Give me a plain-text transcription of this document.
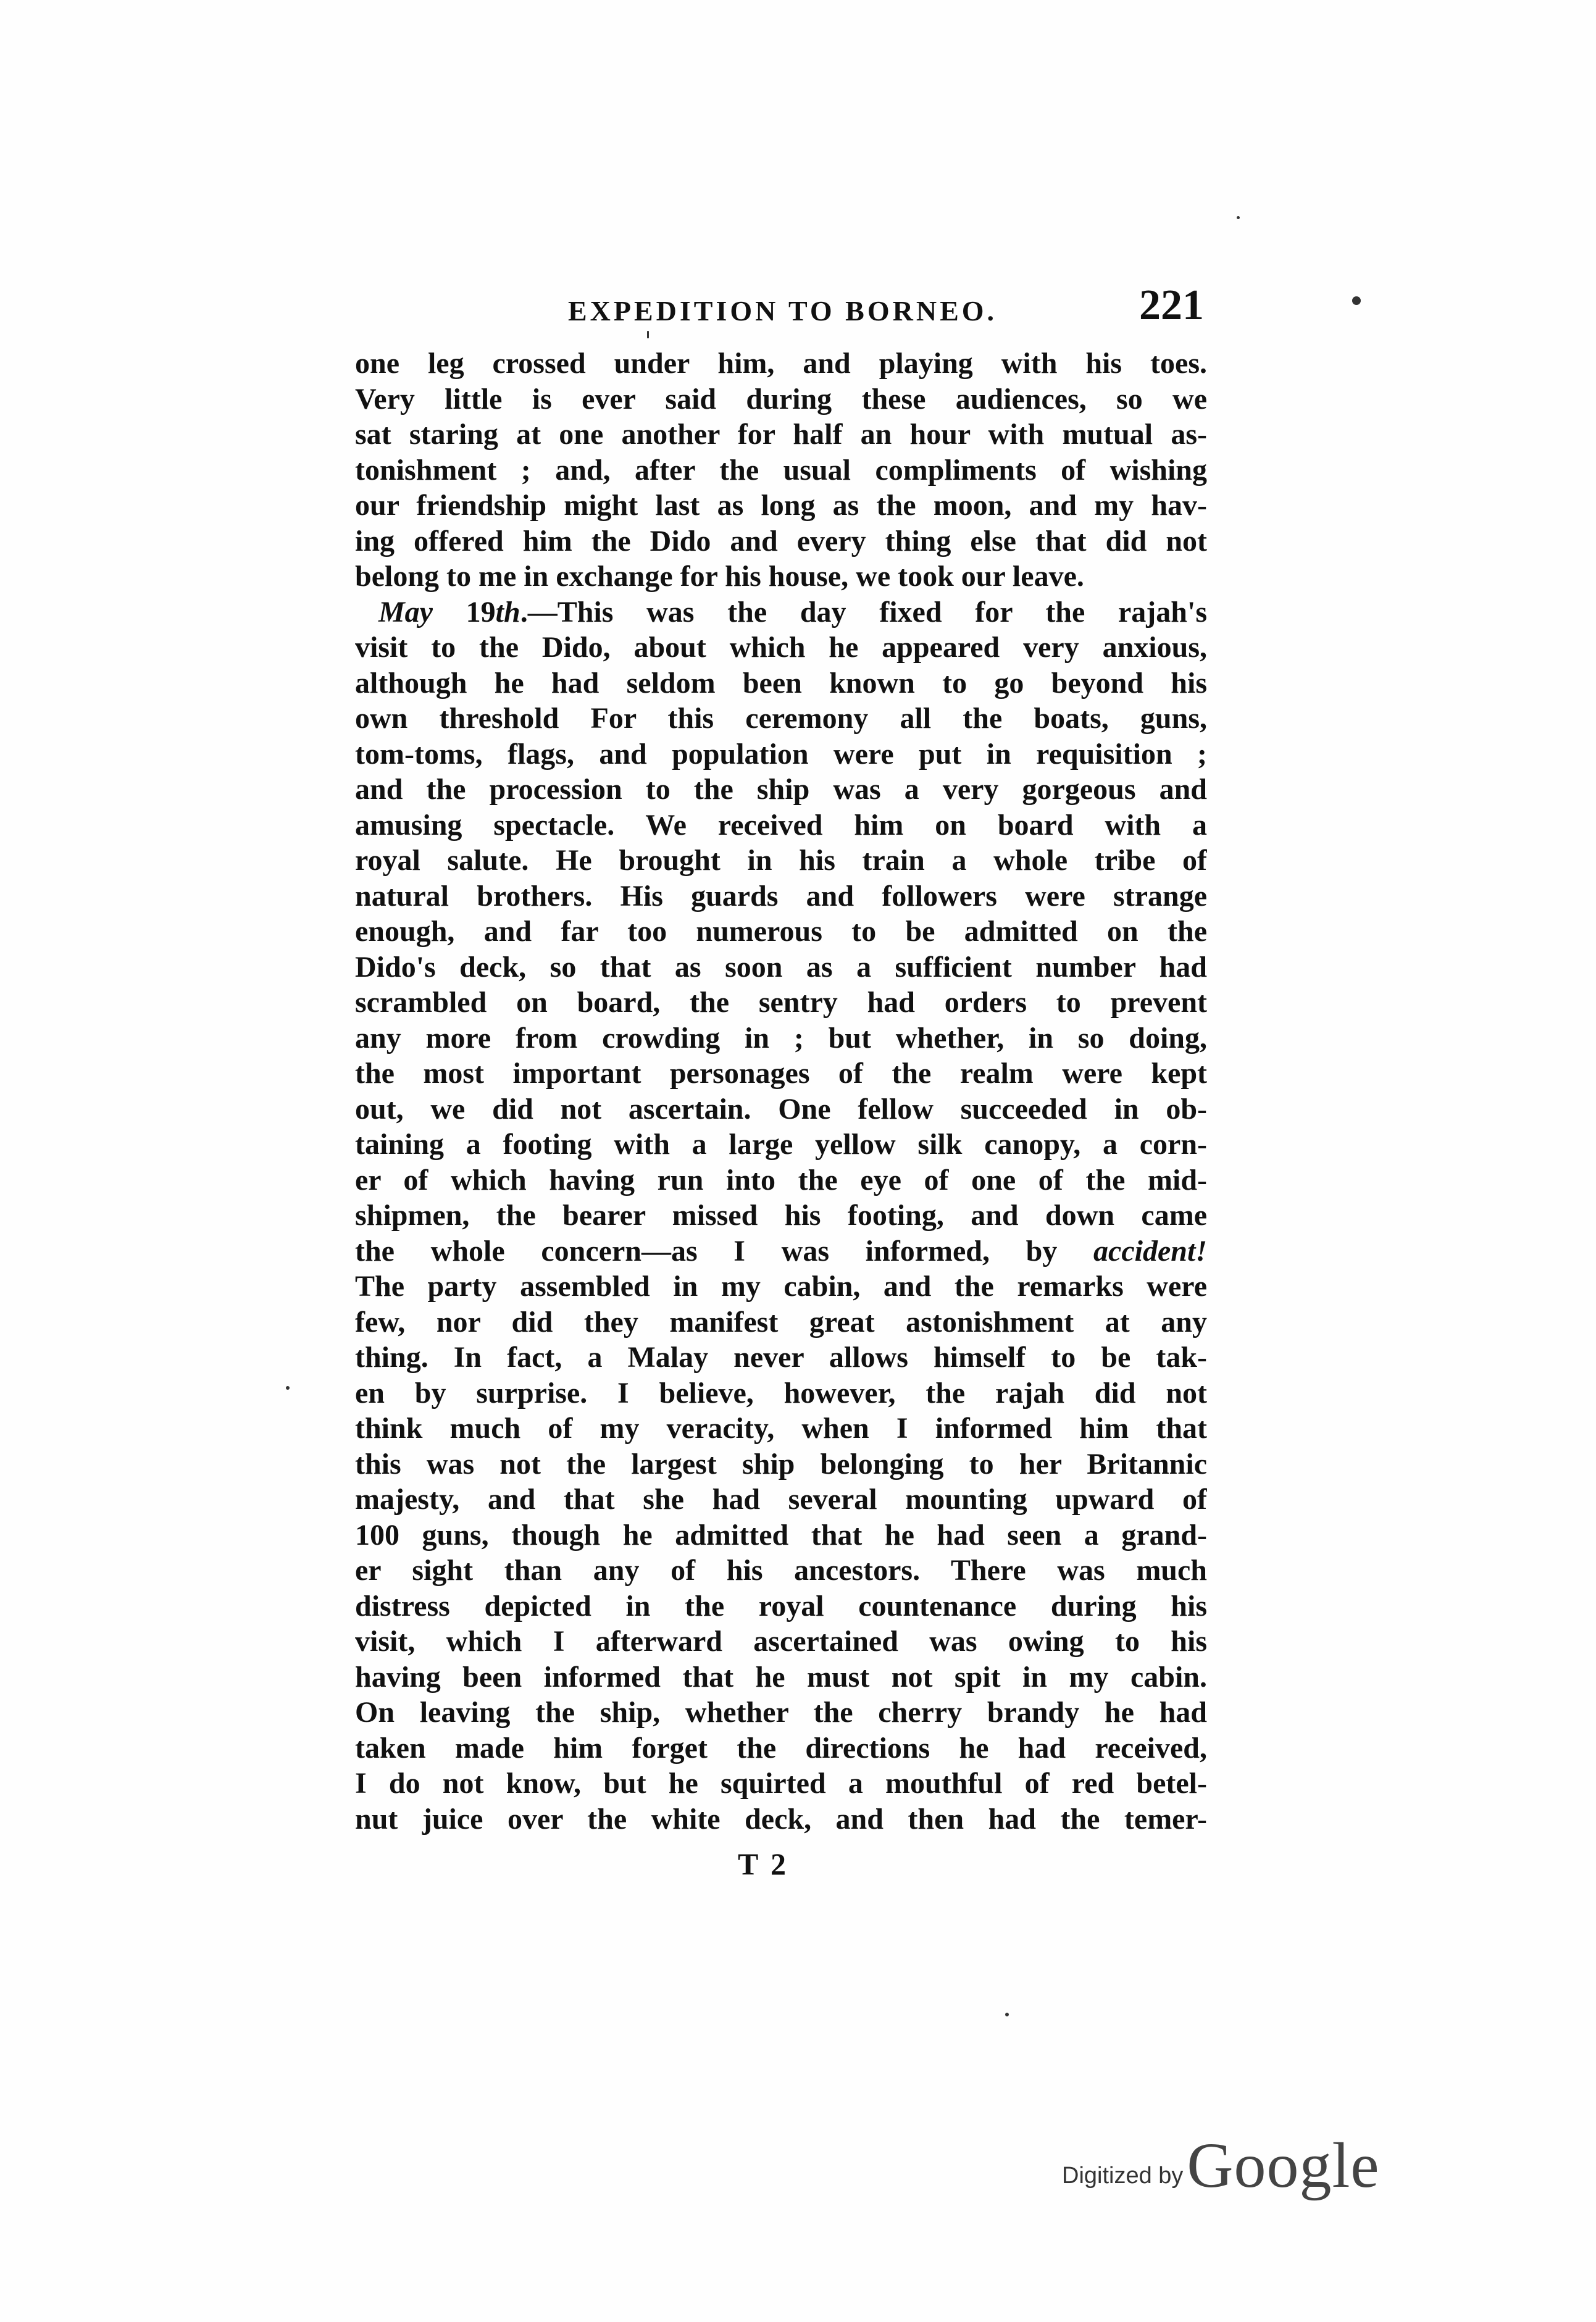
EXPEDITION TO BORNEO.	221
one leg crossed under him, and playing with his toes.
Very little is ever said during these audiences, so we
sat staring at one another for half an hour with mutual as-
tonishment ; and, after the usual compliments of wishing
our friendship might last as long as the moon, and my hav-
ing offered him the Dido and every thing else that did not
belong to me in exchange for his house, we took our leave.
May 19th.—This was the day fixed for the rajah's
visit to the Dido, about which he appeared very anxious,
although he had seldom been known to go beyond his
own threshold For this ceremony all the boats, guns,
tom-toms, flags, and population were put in requisition ;
and the procession to the ship was a very gorgeous and
amusing spectacle. We received him on board with a
royal salute. He brought in his train a whole tribe of
natural brothers. His guards and followers were strange
enough, and far too numerous to be admitted on the
Dido's deck, so that as soon as a sufficient number had
scrambled on board, the sentry had orders to prevent
any more from crowding in ; but whether, in so doing,
the most important personages of the realm were kept
out, we did not ascertain. One fellow succeeded in ob-
taining a footing with a large yellow silk canopy, a corn-
er of which having run into the eye of one of the mid-
shipmen, the bearer missed his footing, and down came
the whole concern—as I was informed, by accident!
The party assembled in my cabin, and the remarks were
few, nor did they manifest great astonishment at any
thing. In fact, a Malay never allows himself to be tak-
en by surprise. I believe, however, the rajah did not
think much of my veracity, when I informed him that
this was not the largest ship belonging to her Britannic
majesty, and that she had several mounting upward of
100 guns, though he admitted that he had seen a grand-
er sight than any of his ancestors. There was much
distress depicted in the royal countenance during his
visit, which I afterward ascertained was owing to his
having been informed that he must not spit in my cabin.
On leaving the ship, whether the cherry brandy he had
taken made him forget the directions he had received,
I do not know, but he squirted a mouthful of red betel-
nut juice over the white deck, and then had the temer-
T 2
Digitized by Google
